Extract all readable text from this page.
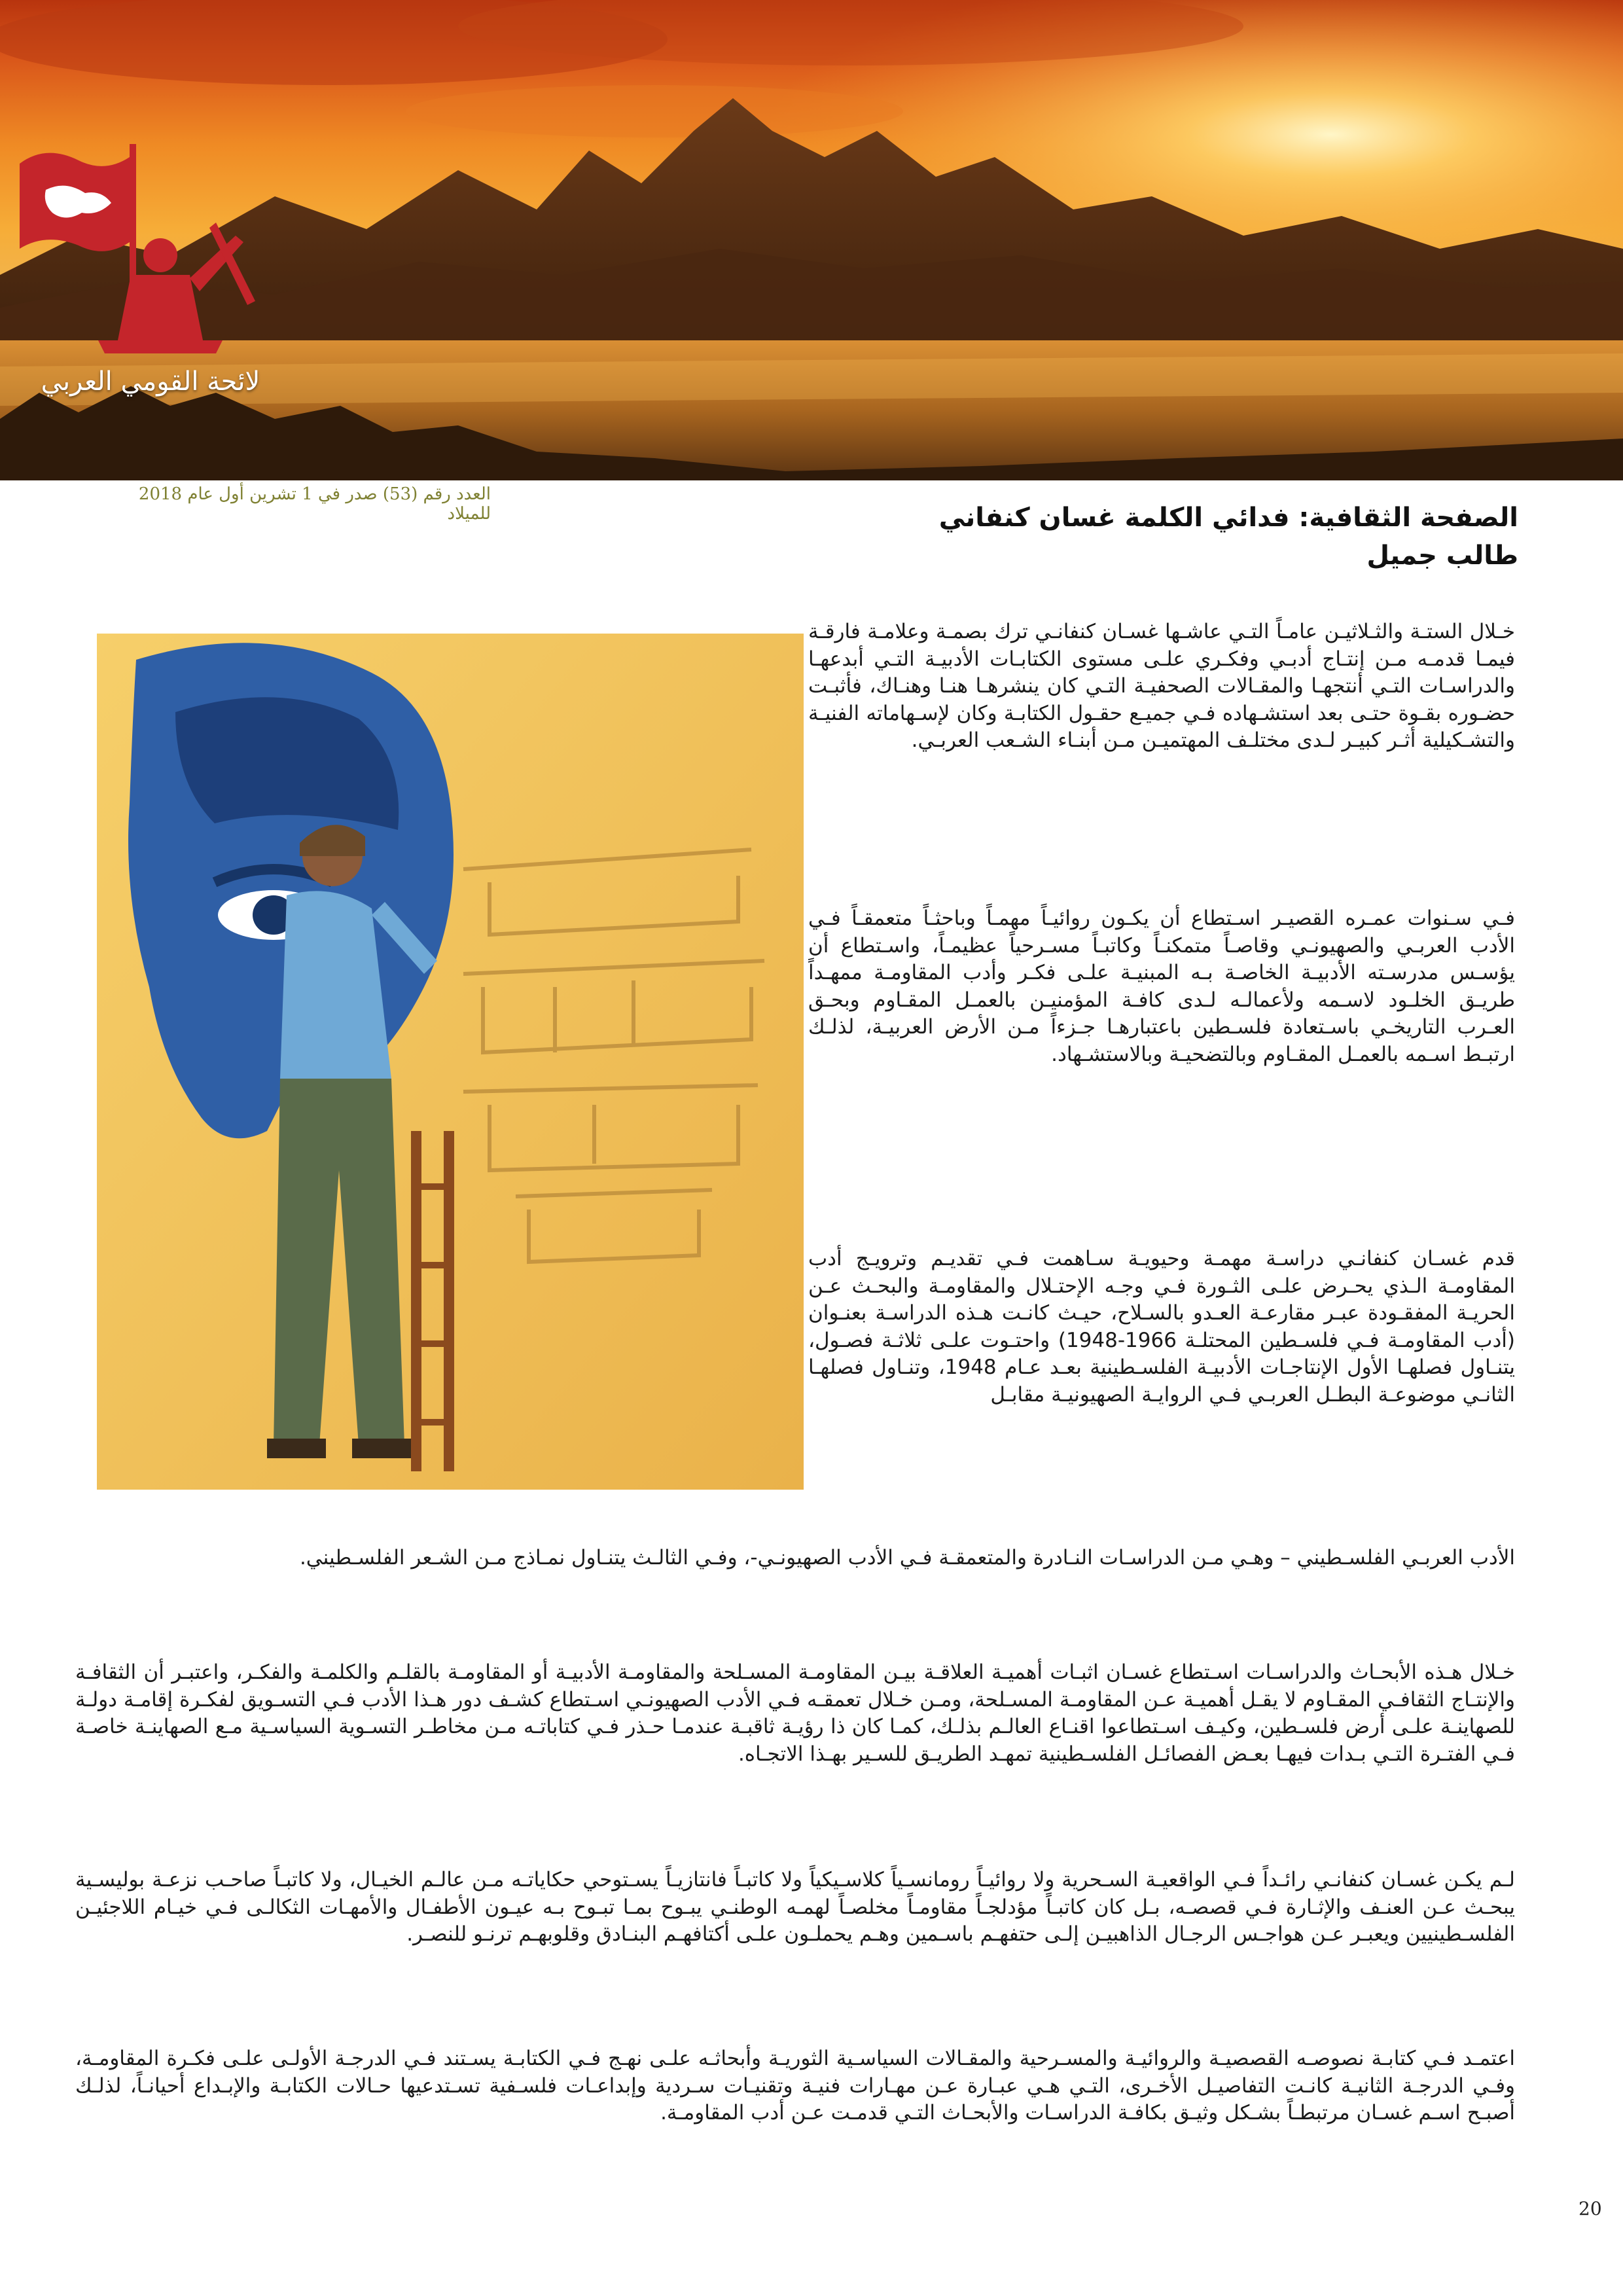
لائحة القومي العربي
العدد رقم (53) صدر في 1 تشرين أول عام 2018 للميلاد	الصفحة الثقافية: فدائي الكلمة غسان كنفاني
طالب جميل
خـلال الستـة والثـلاثيـن عامـاً التـي عاشـها غسـان كنفانـي ترك بصمـة وعلامـة فارقـة فيمـا قدمـه مـن إنتـاج أدبـي وفكـري علـى مستوى الكتابـات الأدبيـة التـي أبدعهـا والدراسـات التـي أنتجهـا والمقـالات الصحفيـة التـي كان ينشرهـا هنـا وهنـاك، فأثبـت حضـوره بقـوة حتـى بعد استشـهاده فـي جميـع حقـول الكتابـة وكان لإسـهاماته الفنيـة والتشـكيلية أثـر كبيـر لـدى مختلـف المهتميـن مـن أبنـاء الشـعب العربـي.
فـي سـنوات عمـره القصيـر اسـتطاع أن يكـون روائيـاً مهمـاً وباحثـاً متعمقـاً فـي الأدب العربـي والصهيونـي وقاصـاً متمكنـاً وكاتبـاً مسـرحياً عظيمـاً، واسـتطاع أن يؤسـس مدرسـته الأدبيـة الخاصـة بـه المبنيـة علـى فكـر وأدب المقاومـة ممهـداً طريـق الخلـود لاسـمه ولأعمالـه لـدى كافـة المؤمنيـن بالعمـل المقـاوم وبحـق العـرب التاريخـي باسـتعادة فلسـطين باعتبارهـا جـزءاً مـن الأرض العربيـة، لذلـك ارتبـط اسـمه بالعمـل المقـاوم وبالتضحيـة وبالاستشـهاد.
قدم غسـان كنفانـي دراسـة مهمـة وحيويـة سـاهمت فـي تقديـم وترويـج أدب المقاومـة الـذي يحـرض علـى الثـورة فـي وجـه الإحتـلال والمقاومـة والبحـث عـن الحريـة المفقـودة عبـر مقارعـة العـدو بالسـلاح، حيـث كانـت هـذه الدراسـة بعنـوان (أدب المقاومـة فـي فلسـطين المحتلـة 1966-1948) واحتـوت علـى ثلاثـة فصـول، يتنـاول فصلهـا الأول الإنتاجـات الأدبيـة الفلسـطينية بعـد عـام 1948، وتنـاول فصلهـا الثانـي موضوعـة البطـل العربـي فـي الروايـة الصهيونيـة مقابـل
الأدب العربـي الفلسـطيني – وهـي مـن الدراسـات النـادرة والمتعمقـة فـي الأدب الصهيونـي-، وفـي الثالـث يتنـاول نمـاذج مـن الشـعر الفلسـطيني.
خـلال هـذه الأبحـاث والدراسـات اسـتطاع غسـان اثبـات أهميـة العلاقـة بيـن المقاومـة المسـلحة والمقاومـة الأدبيـة أو المقاومـة بالقلـم والكلمـة والفكـر، واعتبـر أن الثقافـة والإنتـاج الثقافـي المقـاوم لا يقـل أهميـة عـن المقاومـة المسـلحة، ومـن خـلال تعمقـه فـي الأدب الصهيونـي اسـتطاع كشـف دور هـذا الأدب فـي التسـويق لفكـرة إقامـة دولـة للصهاينـة علـى أرض فلسـطين، وكيـف اسـتطاعوا اقنـاع العالـم بذلـك، كمـا كان ذا رؤيـة ثاقبـة عندمـا حـذر فـي كتاباتـه مـن مخاطـر التسـوية السياسـية مـع الصهاينـة خاصـة فـي الفتـرة التـي بـدات فيهـا بعـض الفصائـل الفلسـطينية تمهـد الطريـق للسـير بهـذا الاتجـاه.
لـم يكـن غسـان كنفانـي رائـداً فـي الواقعيـة السـحرية ولا روائيـاً رومانسـياً كلاسـيكياً ولا كاتبـاً فانتازيـاً يسـتوحي حكاياتـه مـن عالـم الخيـال، ولا كاتبـاً صاحـب نزعـة بوليسـية يبحـث عـن العنـف والإثـارة فـي قصصـه، بـل كان كاتبـاً مؤدلجـاً مقاومـاً مخلصـاً لهمـه الوطنـي يبـوح بمـا تبـوح بـه عيـون الأطفـال والأمهـات الثكالـى فـي خيـام اللاجئيـن الفلسـطينيين ويعبـر عـن هواجـس الرجـال الذاهبيـن إلـى حتفهـم باسـمين وهـم يحملـون علـى أكتافهـم البنـادق وقلوبهـم ترنـو للنصـر.
اعتمـد فـي كتابـة نصوصـه القصصيـة والروائيـة والمسـرحية والمقـالات السياسـية الثوريـة وأبحاثـه علـى نهـج فـي الكتابـة يسـتند فـي الدرجـة الأولـى علـى فكـرة المقاومـة، وفـي الدرجـة الثانيـة كانـت التفاصيـل الأخـرى، التـي هـي عبـارة عـن مهـارات فنيـة وتقنيـات سـردية وإبداعـات فلسـفية تسـتدعيها حـالات الكتابـة والإبـداع أحيانـاً، لذلـك أصبـح اسـم غسـان مرتبطـاً بشـكل وثيـق بكافـة الدراسـات والأبحـاث التـي قدمـت عـن أدب المقاومـة.
20
